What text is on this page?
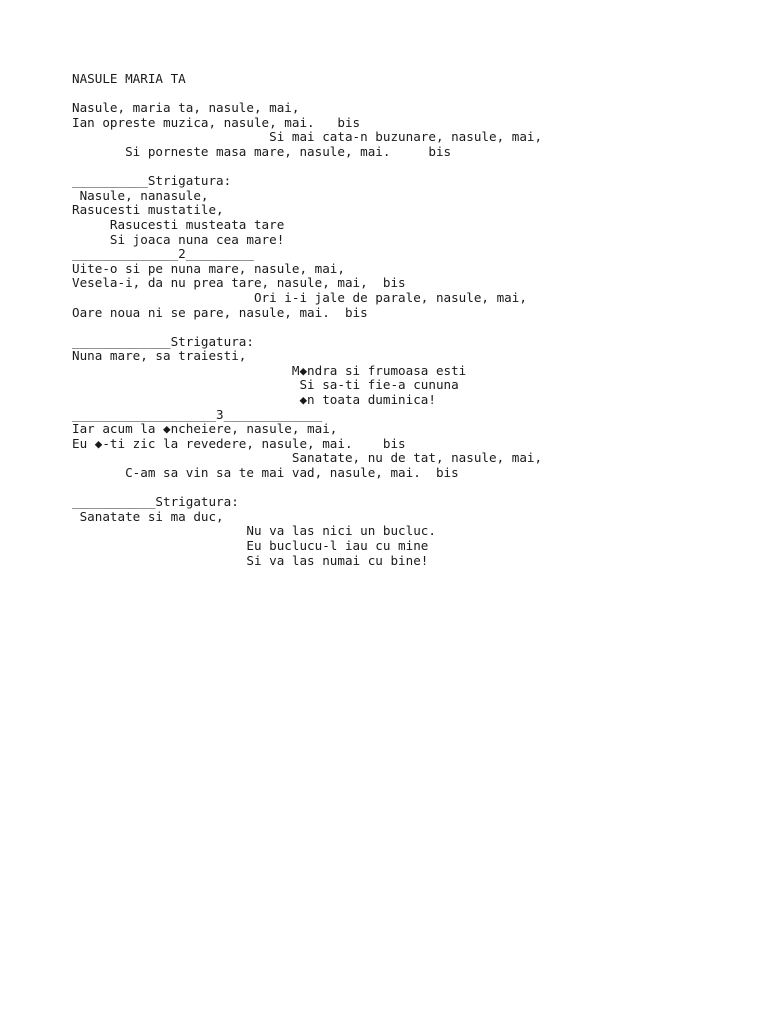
NASULE MARIA TA
Nasule, maria ta, nasule, mai,
Ian opreste muzica, nasule, mai.   bis
Si mai cata-n buzunare, nasule, mai,
Si porneste masa mare, nasule, mai.     bis
__________Strigatura:
Nasule, nanasule,
Rasucesti mustatile,
Rasucesti musteata tare
Si joaca nuna cea mare!
______________2_________
Uite-o si pe nuna mare, nasule, mai,
Vesela-i, da nu prea tare, nasule, mai,  bis
Ori i-i jale de parale, nasule, mai,
Oare noua ni se pare, nasule, mai.  bis
_____________Strigatura:
Nuna mare, sa traiesti,
M◆ndra si frumoasa esti
Si sa-ti fie-a cununa
◆n toata duminica!
___________________3_____________
Iar acum la ◆ncheiere, nasule, mai,
Eu ◆-ti zic la revedere, nasule, mai.    bis
Sanatate, nu de tat, nasule, mai,
C-am sa vin sa te mai vad, nasule, mai.  bis
___________Strigatura:
Sanatate si ma duc,
Nu va las nici un bucluc.
Eu buclucu-l iau cu mine
Si va las numai cu bine!
